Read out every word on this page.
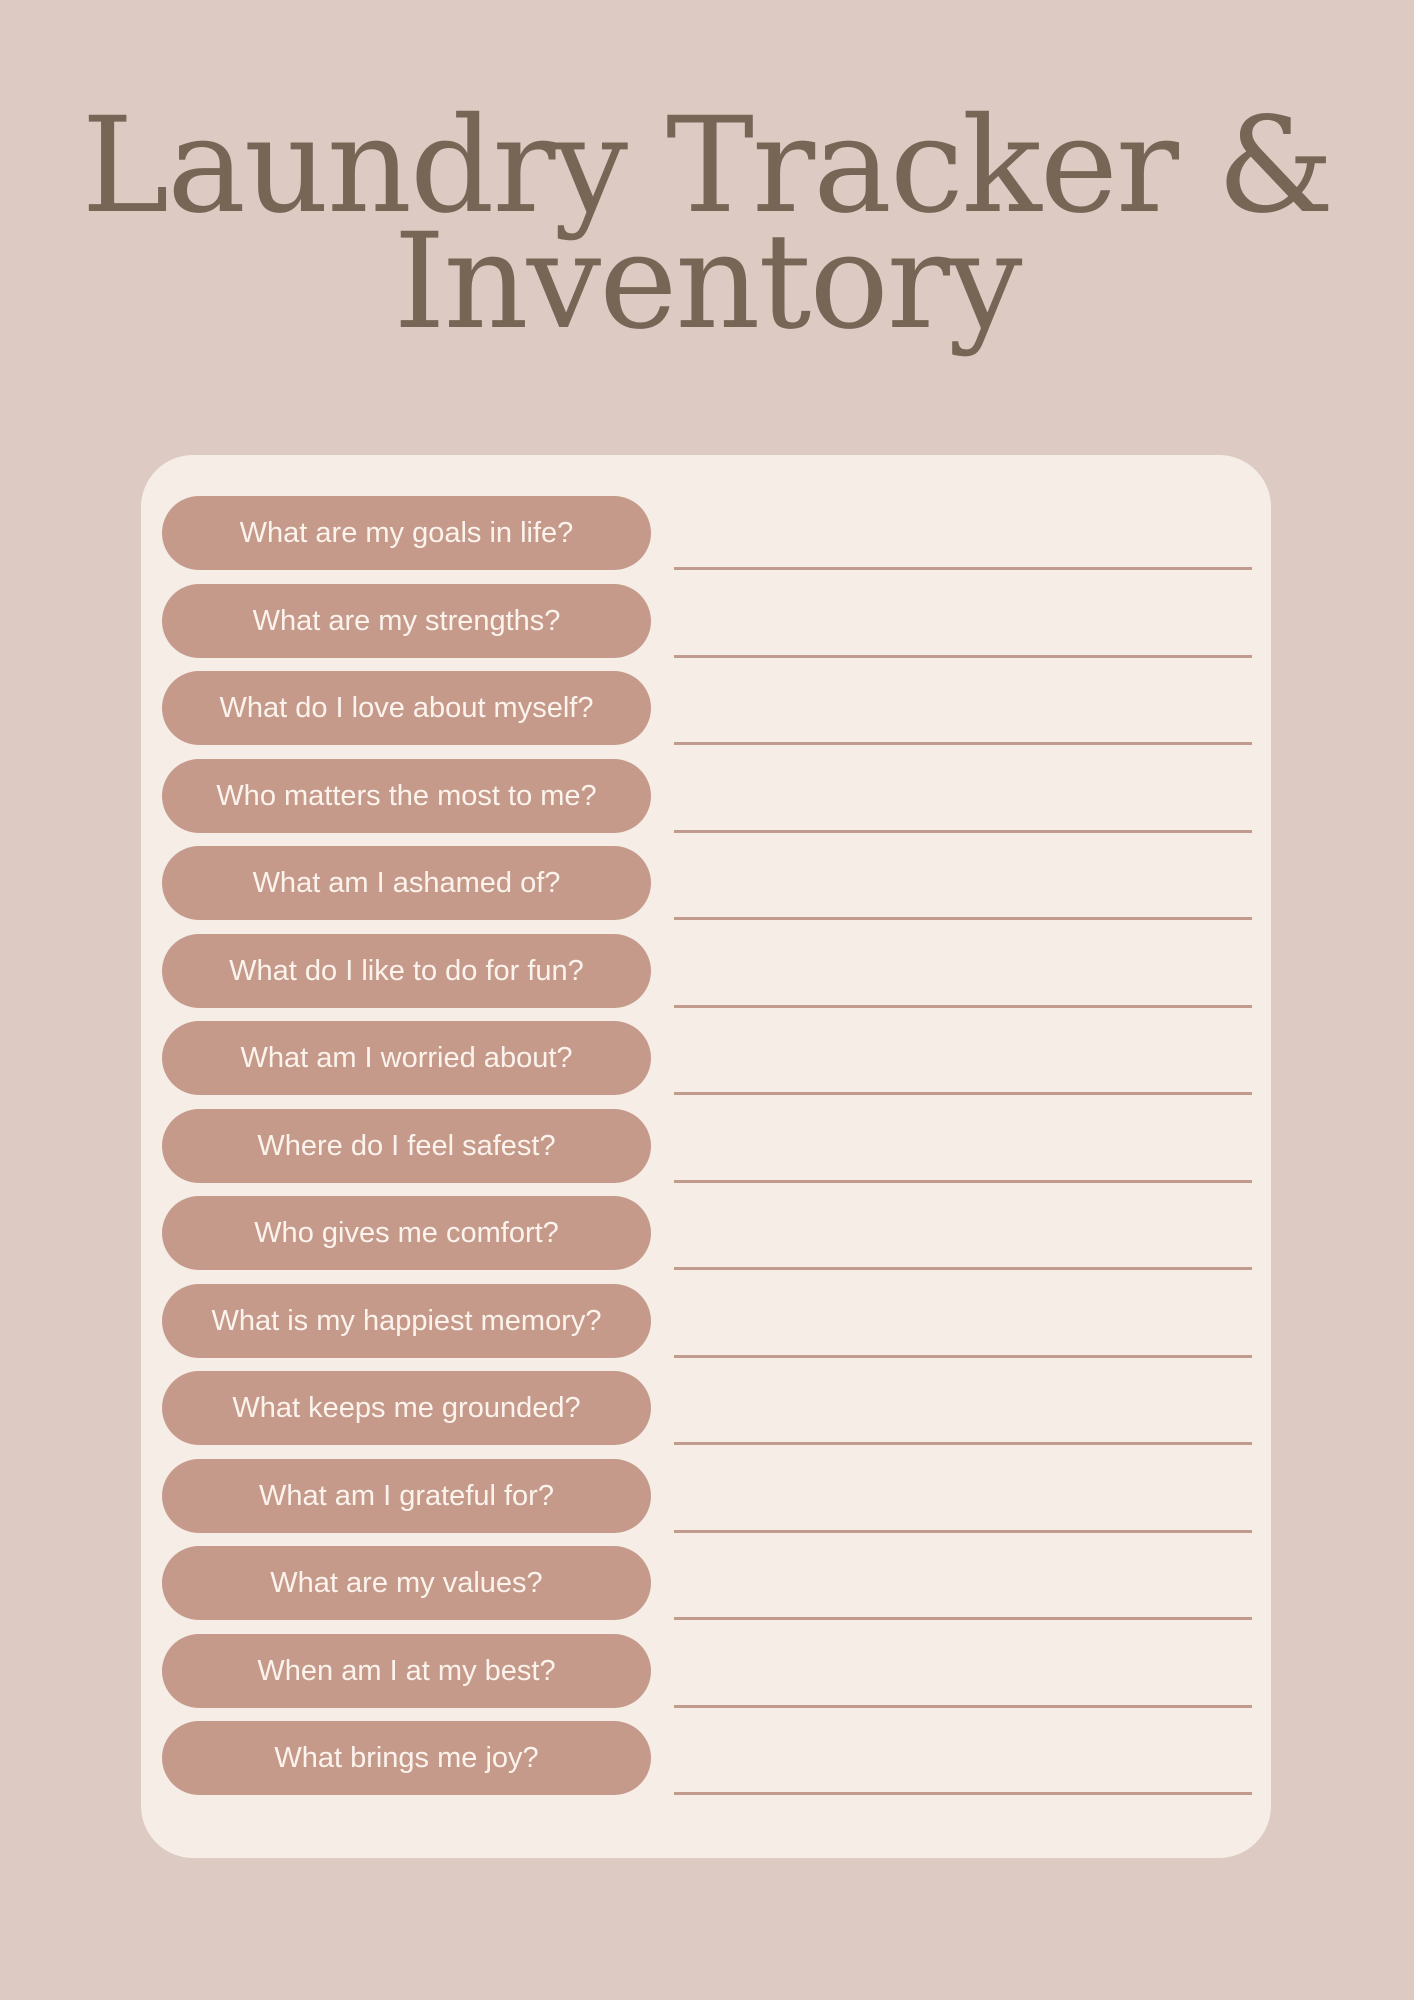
Laundry Tracker &
Inventory
What are my goals in life?
What are my strengths?
What do I love about myself?
Who matters the most to me?
What am I ashamed of?
What do I like to do for fun?
What am I worried about?
Where do I feel safest?
Who gives me comfort?
What is my happiest memory?
What keeps me grounded?
What am I grateful for?
What are my values?
When am I at my best?
What brings me joy?
